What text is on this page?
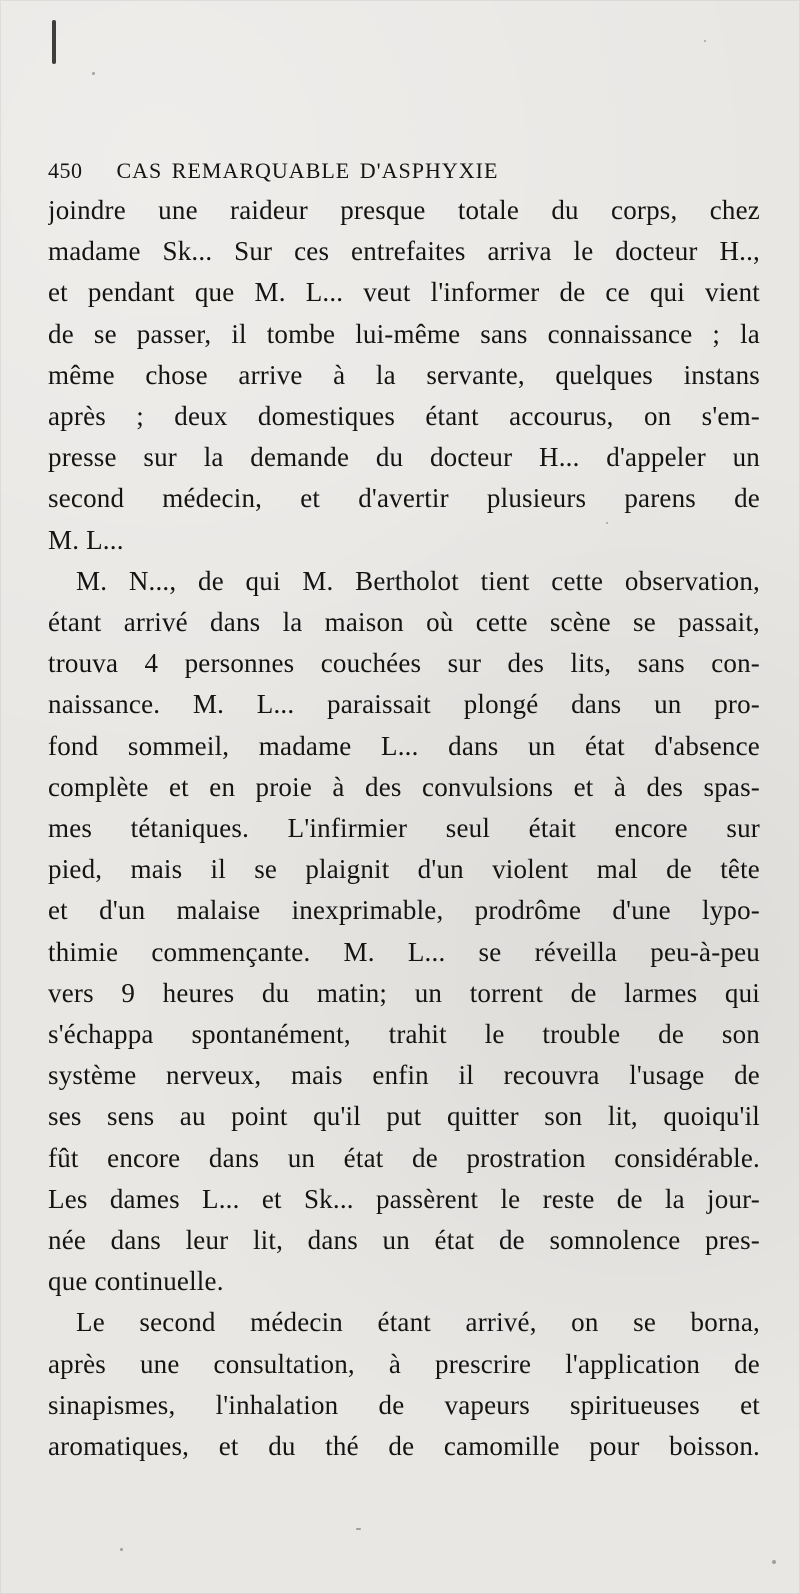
450 CAS REMARQUABLE D'ASPHYXIE
joindre une raideur presque totale du corps, chez
madame Sk... Sur ces entrefaites arriva le docteur H..,
et pendant que M. L... veut l'informer de ce qui vient
de se passer, il tombe lui-même sans connaissance ; la
même chose arrive à la servante, quelques instans
après ; deux domestiques étant accourus, on s'em-
presse sur la demande du docteur H... d'appeler un
second médecin, et d'avertir plusieurs parens de
M. L...
M. N..., de qui M. Bertholot tient cette observation,
étant arrivé dans la maison où cette scène se passait,
trouva 4 personnes couchées sur des lits, sans con-
naissance. M. L... paraissait plongé dans un pro-
fond sommeil, madame L... dans un état d'absence
complète et en proie à des convulsions et à des spas-
mes tétaniques. L'infirmier seul était encore sur
pied, mais il se plaignit d'un violent mal de tête
et d'un malaise inexprimable, prodrôme d'une lypo-
thimie commençante. M. L... se réveilla peu-à-peu
vers 9 heures du matin; un torrent de larmes qui
s'échappa spontanément, trahit le trouble de son
système nerveux, mais enfin il recouvra l'usage de
ses sens au point qu'il put quitter son lit, quoiqu'il
fût encore dans un état de prostration considérable.
Les dames L... et Sk... passèrent le reste de la jour-
née dans leur lit, dans un état de somnolence pres-
que continuelle.
Le second médecin étant arrivé, on se borna,
après une consultation, à prescrire l'application de
sinapismes, l'inhalation de vapeurs spiritueuses et
aromatiques, et du thé de camomille pour boisson.
